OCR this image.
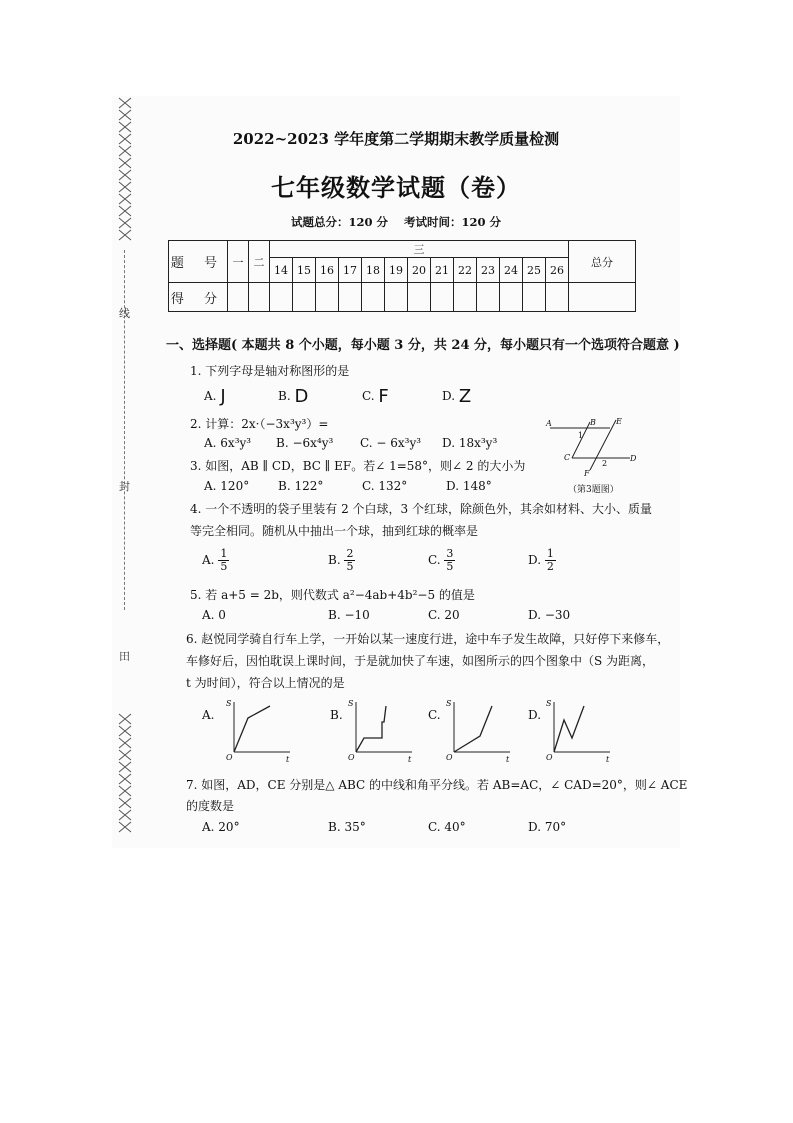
线
封
田
2022~2023 学年度第二学期期末教学质量检测
七年级数学试题（卷）
试题总分：120 分 考试时间：120 分
题 号	一	二	三													总分
			14	15	16	17	18	19	20	21	22	23	24	25	26	
得 分																
一、选择题( 本题共 8 个小题，每小题 3 分，共 24 分，每小题只有一个选项符合题意 )
1. 下列字母是轴对称图形的是
A. J	B. D	C. F	D. Z
2. 计算：2x·（−3x³y³）=
A. 6x³y³ B. −6x⁴y³ C. − 6x³y³ D. 18x³y³
3. 如图，AB ∥ CD，BC ∥ EF。若∠ 1=58°，则∠ 2 的大小为
A. 120° B. 122°	C. 132°	D. 148°
A	B	E
1
C	D
F
2
（第3题图）
4. 一个不透明的袋子里装有 2 个白球，3 个红球，除颜色外，其余如材料、大小、质量
等完全相同。随机从中抽出一个球，抽到红球的概率是
A. $\frac{1}{5}$	B. $\frac{2}{5}$	C. $\frac{3}{5}$	D. $\frac{1}{2}$
5. 若 a+5 = 2b，则代数式 a²−4ab+4b²−5 的值是
A. 0	B. −10	C. 20	D. −30
6. 赵悦同学骑自行车上学，一开始以某一速度行进，途中车子发生故障，只好停下来修车，
车修好后，因怕耽误上课时间，于是就加快了车速，如图所示的四个图象中（S 为距离，
t 为时间），符合以上情况的是
A.	B.	C.	D.
S
t
O
S
t
O
S
t
O
S
t
O
7. 如图，AD，CE 分别是△ ABC 的中线和角平分线。若 AB=AC，∠ CAD=20°，则∠ ACE
的度数是
A. 20°	B. 35°	C. 40°	D. 70°
